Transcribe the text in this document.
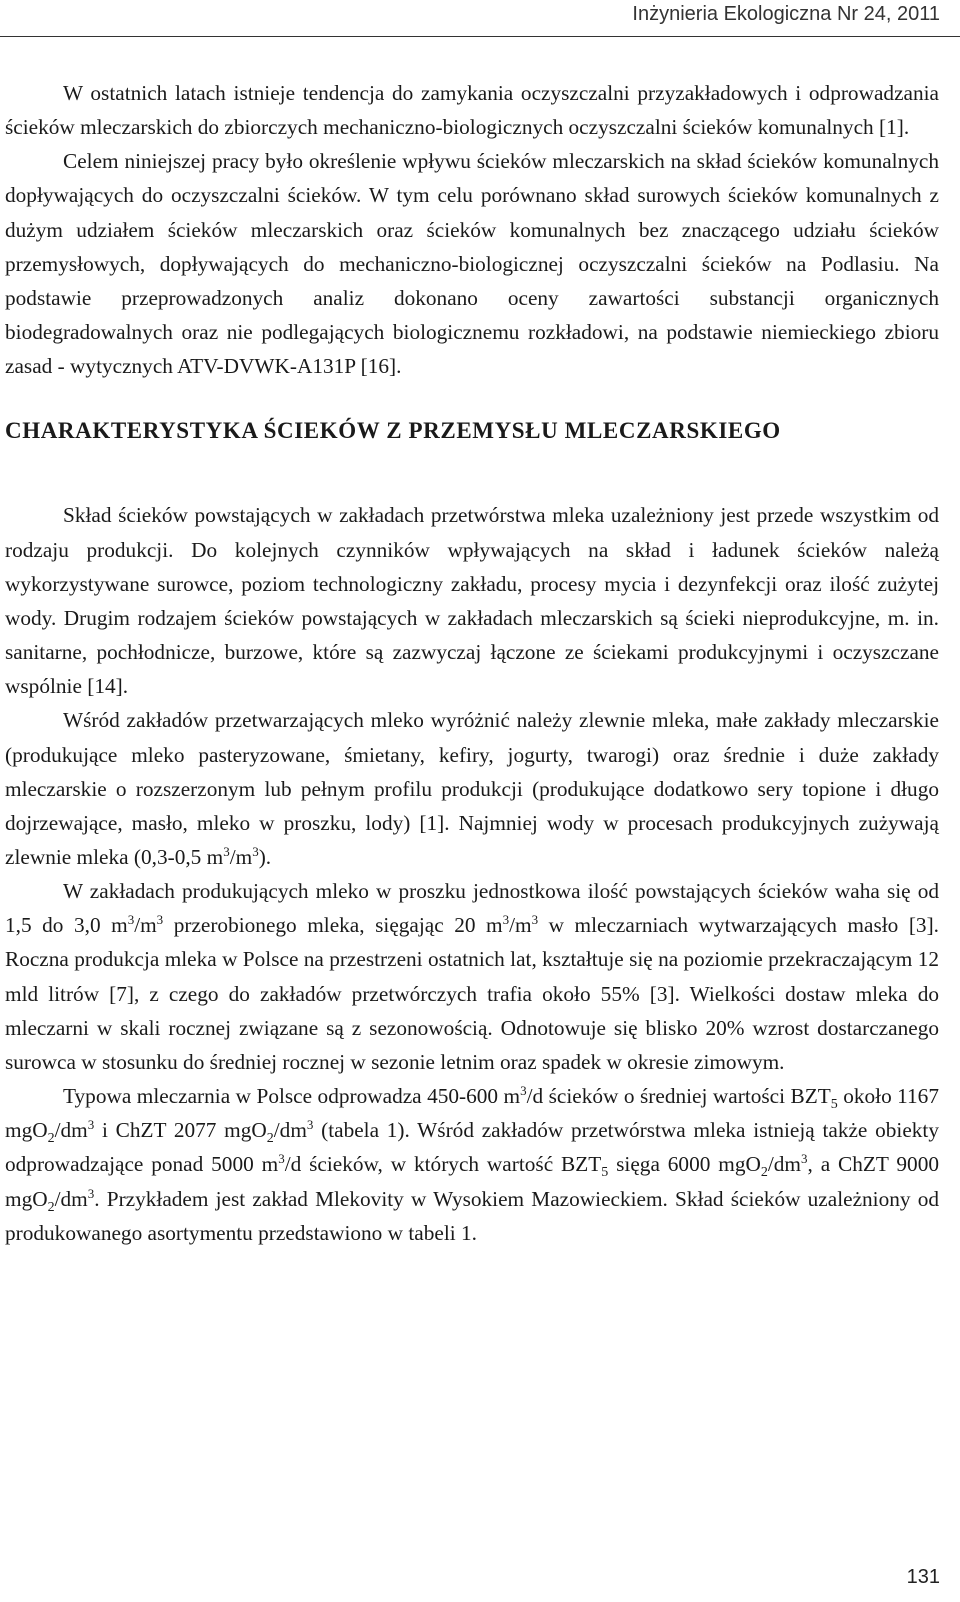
Inżynieria Ekologiczna Nr 24, 2011

W ostatnich latach istnieje tendencja do zamykania oczyszczalni przyzakładowych i odprowadzania ścieków mleczarskich do zbiorczych mechaniczno-biologicznych oczyszczalni ścieków komunalnych [1].

Celem niniejszej pracy było określenie wpływu ścieków mleczarskich na skład ścieków komunalnych dopływających do oczyszczalni ścieków. W tym celu porównano skład surowych ścieków komunalnych z dużym udziałem ścieków mleczarskich oraz ścieków komunalnych bez znaczącego udziału ścieków przemysłowych, dopływających do mechaniczno-biologicznej oczyszczalni ścieków na Podlasiu. Na podstawie przeprowadzonych analiz dokonano oceny zawartości substancji organicznych biodegradowalnych oraz nie podlegających biologicznemu rozkładowi, na podstawie niemieckiego zbioru zasad - wytycznych ATV-DVWK-A131P [16].

CHARAKTERYSTYKA ŚCIEKÓW Z PRZEMYSŁU MLECZARSKIEGO

Skład ścieków powstających w zakładach przetwórstwa mleka uzależniony jest przede wszystkim od rodzaju produkcji. Do kolejnych czynników wpływających na skład i ładunek ścieków należą wykorzystywane surowce, poziom technologiczny zakładu, procesy mycia i dezynfekcji oraz ilość zużytej wody. Drugim rodzajem ścieków powstających w zakładach mleczarskich są ścieki nieprodukcyjne, m. in. sanitarne, pochłodnicze, burzowe, które są zazwyczaj łączone ze ściekami produkcyjnymi i oczyszczane wspólnie [14].

Wśród zakładów przetwarzających mleko wyróżnić należy zlewnie mleka, małe zakłady mleczarskie (produkujące mleko pasteryzowane, śmietany, kefiry, jogurty, twarogi) oraz średnie i duże zakłady mleczarskie o rozszerzonym lub pełnym profilu produkcji (produkujące dodatkowo sery topione i długo dojrzewające, masło, mleko w proszku, lody) [1]. Najmniej wody w procesach produkcyjnych zużywają zlewnie mleka (0,3-0,5 $m^3/m^3$).

W zakładach produkujących mleko w proszku jednostkowa ilość powstających ścieków waha się od 1,5 do 3,0 $m^3/m^3$ przerobionego mleka, sięgając 20 $m^3/m^3$ w mleczarniach wytwarzających masło [3]. Roczna produkcja mleka w Polsce na przestrzeni ostatnich lat, kształtuje się na poziomie przekraczającym 12 mld litrów [7], z czego do zakładów przetwórczych trafia około 55% [3]. Wielkości dostaw mleka do mleczarni w skali rocznej związane są z sezonowością. Odnotowuje się blisko 20% wzrost dostarczanego surowca w stosunku do średniej rocznej w sezonie letnim oraz spadek w okresie zimowym.

Typowa mleczarnia w Polsce odprowadza 450-600 $m^3/d$ ścieków o średniej wartości $BZT_5$ około 1167 $mgO_2/dm^3$ i ChZT 2077 $mgO_2/dm^3$ (tabela 1). Wśród zakładów przetwórstwa mleka istnieją także obiekty odprowadzające ponad 5000 $m^3/d$ ścieków, w których wartość $BZT_5$ sięga 6000 $mgO_2/dm^3$, a ChZT 9000 $mgO_2/dm^3$. Przykładem jest zakład Mlekovity w Wysokiem Mazowieckiem. Skład ścieków uzależniony od produkowanego asortymentu przedstawiono w tabeli 1.

131
